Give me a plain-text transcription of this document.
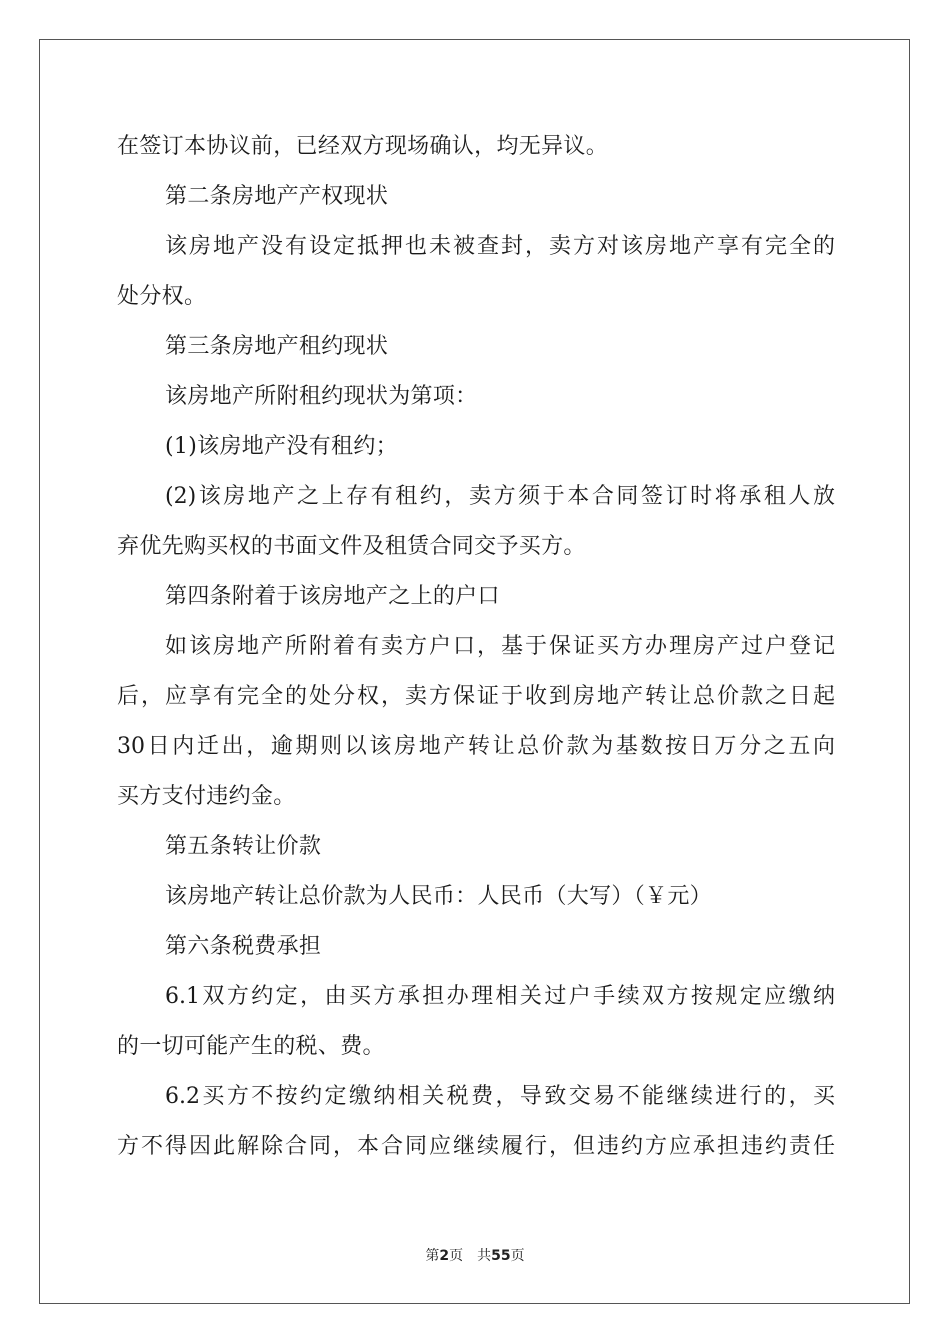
在签订本协议前，已经双方现场确认，均无异议。
第二条房地产产权现状
该房地产没有设定抵押也未被查封，卖方对该房地产享有完全的
处分权。
第三条房地产租约现状
该房地产所附租约现状为第项：
(1)该房地产没有租约；
(2)该房地产之上存有租约，卖方须于本合同签订时将承租人放
弃优先购买权的书面文件及租赁合同交予买方。
第四条附着于该房地产之上的户口
如该房地产所附着有卖方户口，基于保证买方办理房产过户登记
后，应享有完全的处分权，卖方保证于收到房地产转让总价款之日起
30日内迁出，逾期则以该房地产转让总价款为基数按日万分之五向
买方支付违约金。
第五条转让价款
该房地产转让总价款为人民币：人民币（大写）（￥元）
第六条税费承担
6.1双方约定，由买方承担办理相关过户手续双方按规定应缴纳
的一切可能产生的税、费。
6.2买方不按约定缴纳相关税费，导致交易不能继续进行的，买
方不得因此解除合同，本合同应继续履行，但违约方应承担违约责任
第2页 共55页
